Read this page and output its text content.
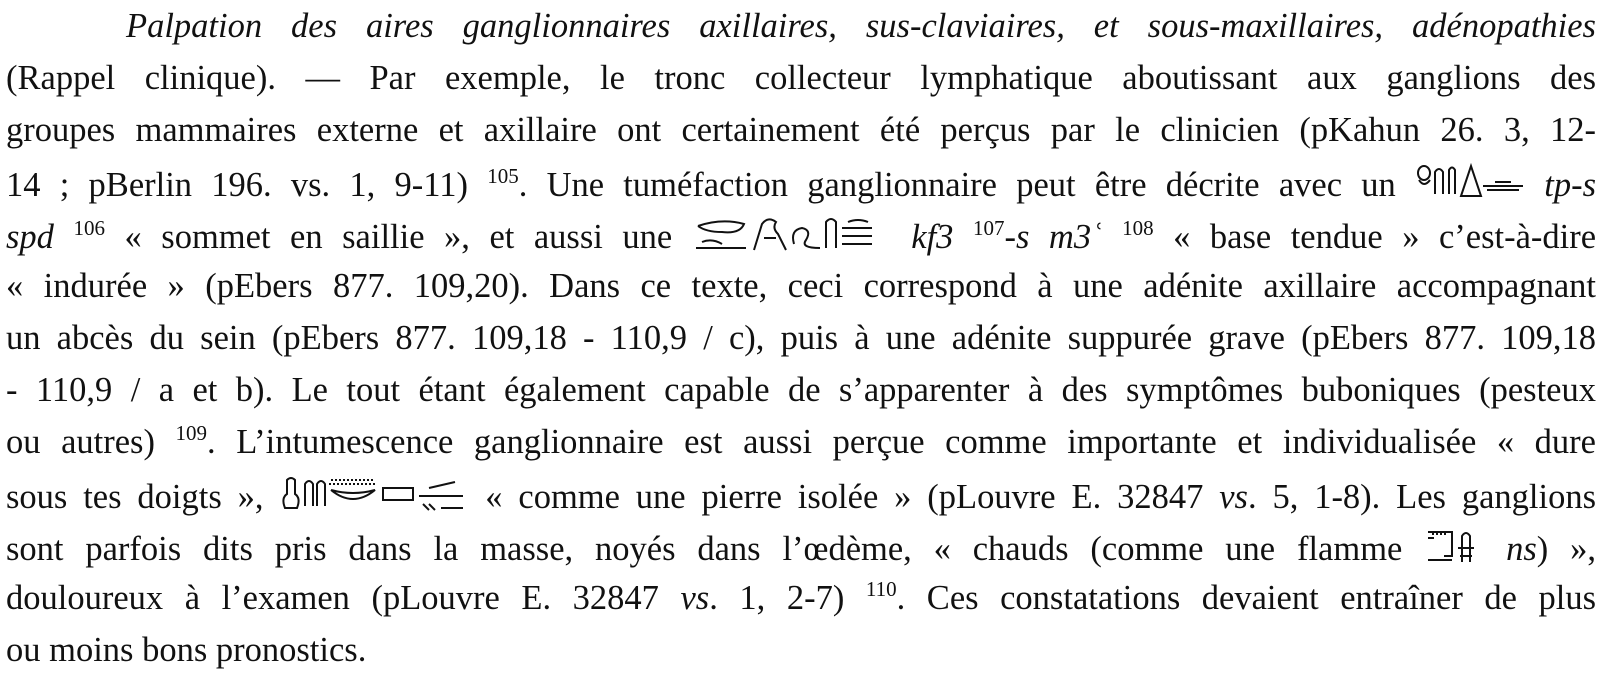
Palpation des aires ganglionnaires axillaires, sus-claviaires, et sous-maxillaires, adénopathies
(Rappel clinique). — Par exemple, le tronc collecteur lymphatique aboutissant aux ganglions des
groupes mammaires externe et axillaire ont certainement été perçus par le clinicien (pKahun 26. 3, 12-
14 ; pBerlin 196. vs. 1, 9-11) $^{105}$. Une tuméfaction ganglionnaire peut être décrite avec un	tp-s
spd $^{106}$ « sommet en saillie », et aussi une	kf3 $^{107}$-s m3ʿ $^{108}$ « base tendue » c’est-à-dire
« indurée » (pEbers 877. 109,20). Dans ce texte, ceci correspond à une adénite axillaire accompagnant
un abcès du sein (pEbers 877. 109,18 - 110,9 / c), puis à une adénite suppurée grave (pEbers 877. 109,18
- 110,9 / a et b). Le tout étant également capable de s’apparenter à des symptômes buboniques (pesteux
ou autres) $^{109}$. L’intumescence ganglionnaire est aussi perçue comme importante et individualisée « dure
sous tes doigts »,	« comme une pierre isolée » (pLouvre E. 32847 vs. 5, 1-8). Les ganglions
sont parfois dits pris dans la masse, noyés dans l’œdème, « chauds (comme une flamme	ns) »,
douloureux à l’examen (pLouvre E. 32847 vs. 1, 2-7) $^{110}$. Ces constatations devaient entraîner de plus
ou moins bons pronostics.
